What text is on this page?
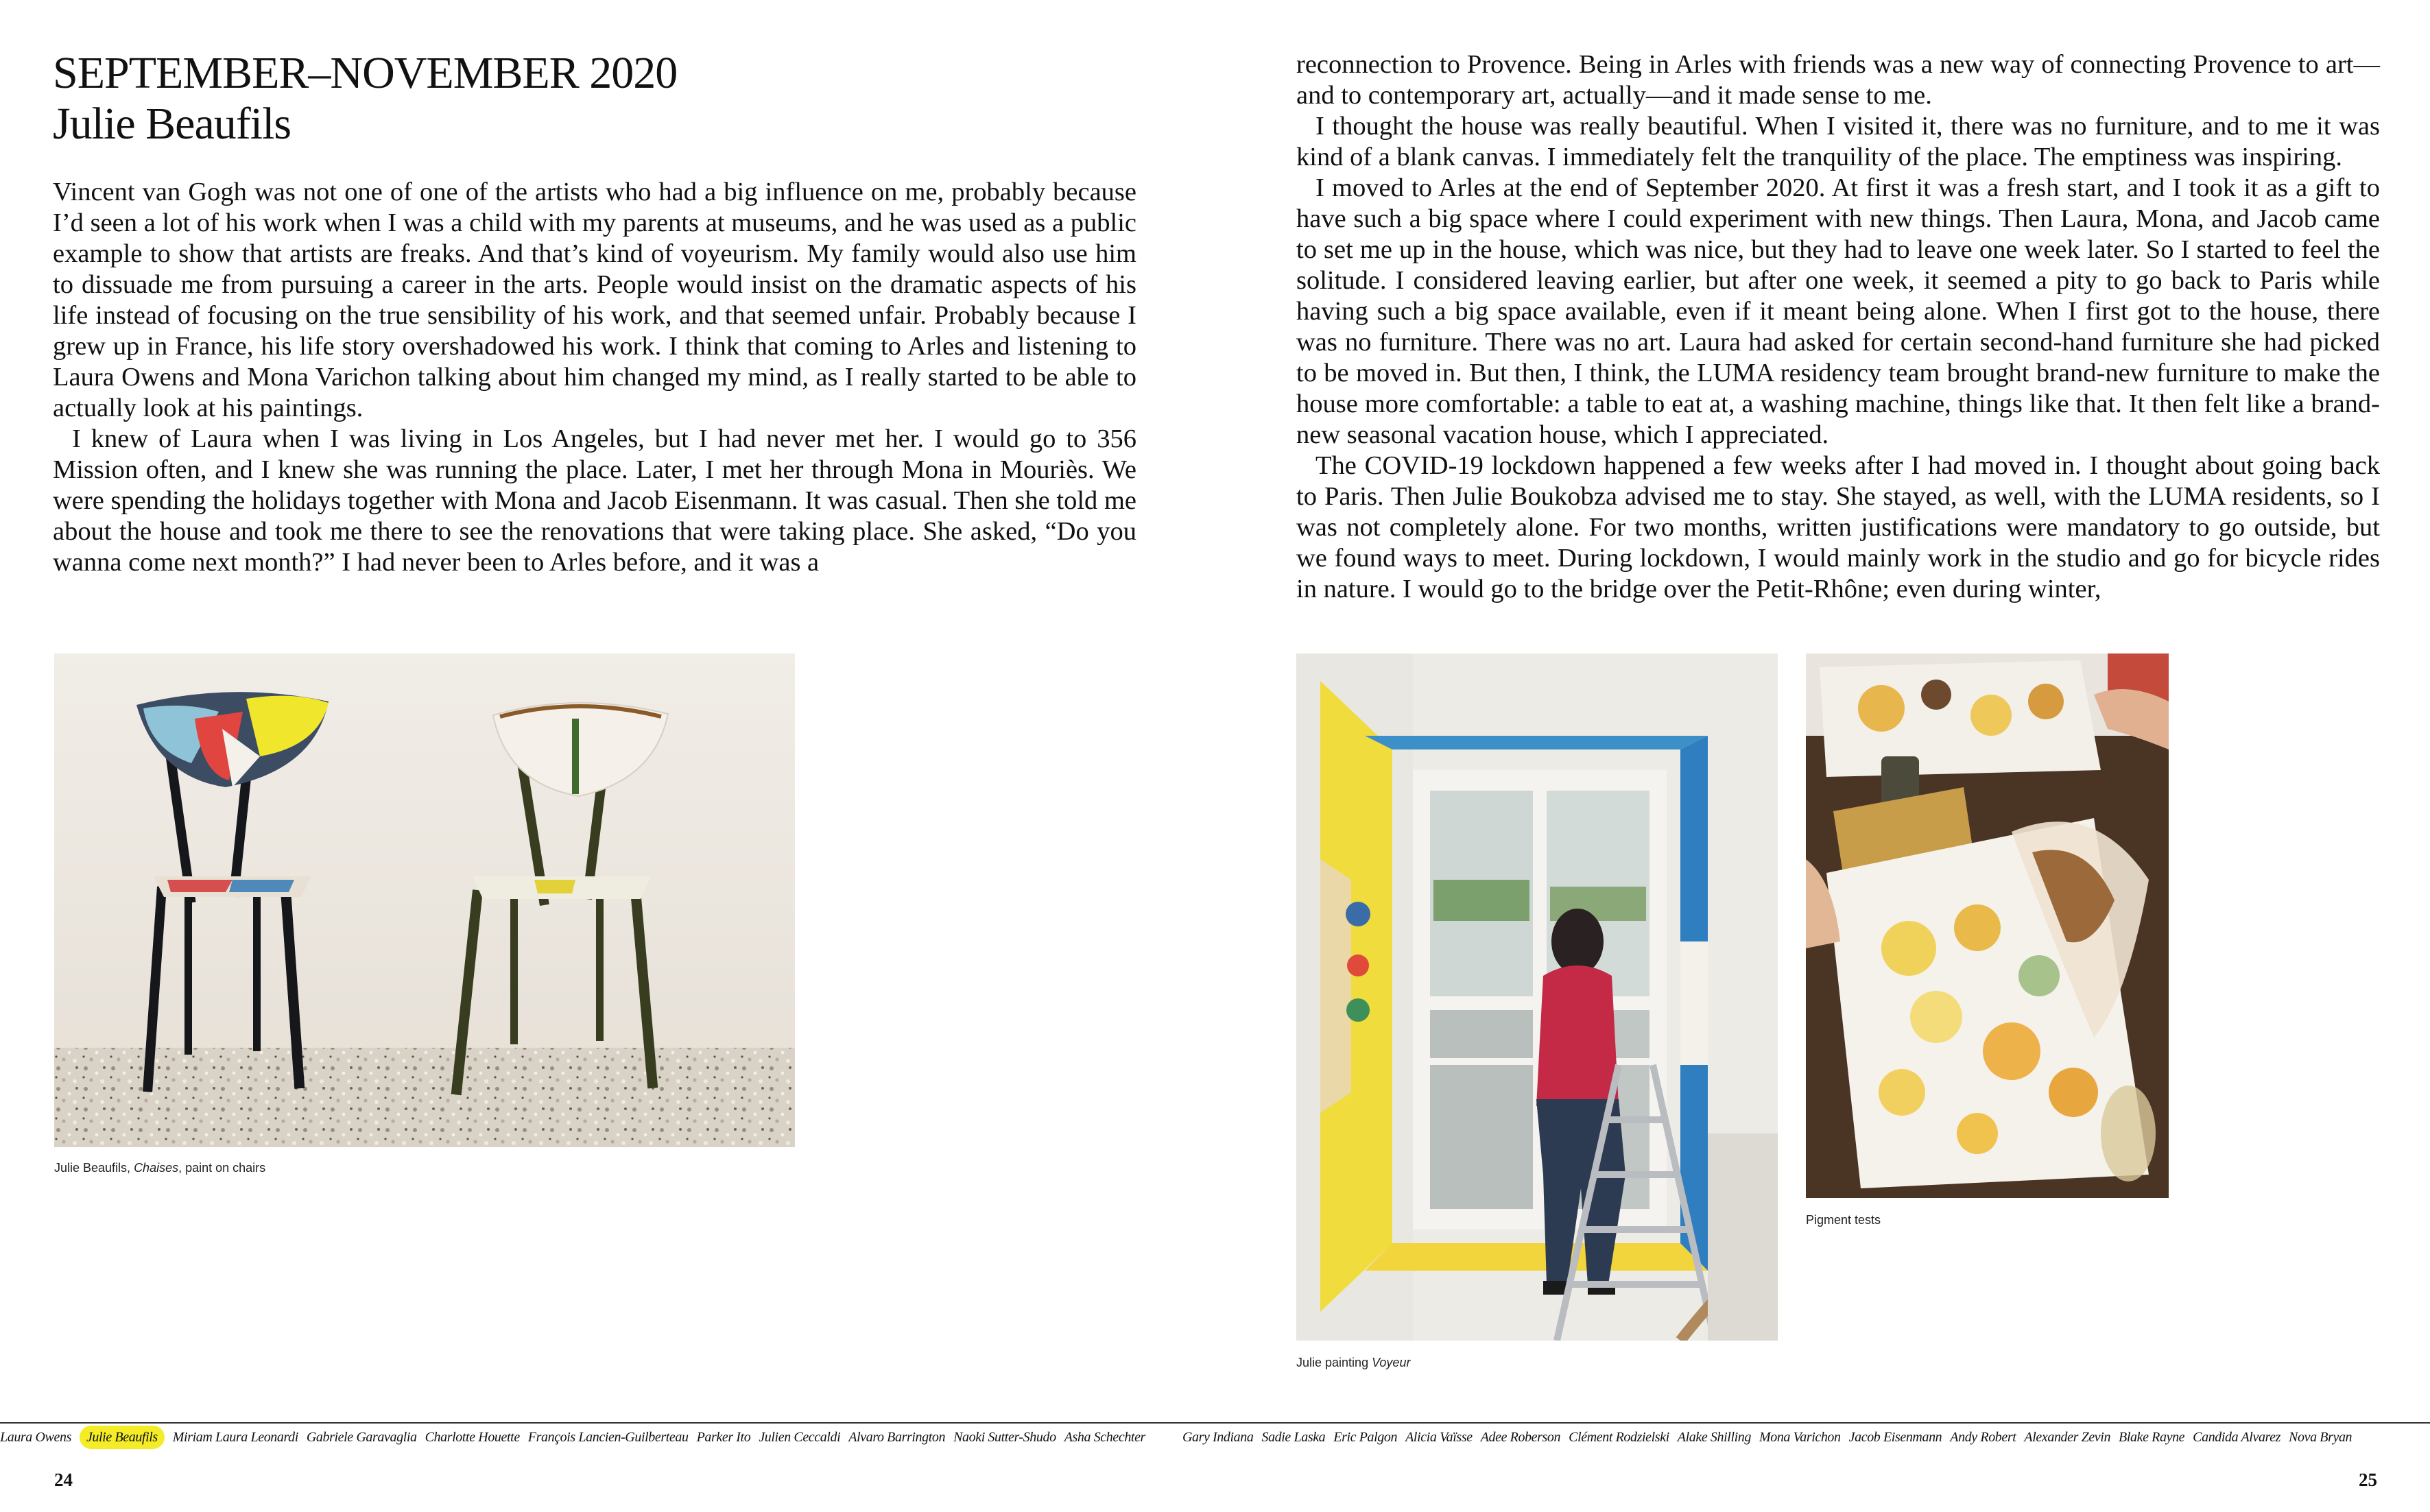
SEPTEMBER–NOVEMBER 2020
Julie Beaufils

Vincent van Gogh was not one of one of the artists who had a big influence on me, probably because I’d seen a lot of his work when I was a child with my parents at museums, and he was used as a public example to show that artists are freaks. And that’s kind of voyeurism. My family would also use him to dissuade me from pursuing a career in the arts. People would insist on the dramatic aspects of his life instead of focusing on the true sensibility of his work, and that seemed unfair. Probably because I grew up in France, his life story overshadowed his work. I think that coming to Arles and listening to Laura Owens and Mona Varichon talking about him changed my mind, as I really started to be able to actually look at his paintings.

I knew of Laura when I was living in Los Angeles, but I had never met her. I would go to 356 Mission often, and I knew she was running the place. Later, I met her through Mona in Mouriès. We were spending the holidays together with Mona and Jacob Eisenmann. It was casual. Then she told me about the house and took me there to see the renovations that were taking place. She asked, “Do you wanna come next month?” I had never been to Arles before, and it was a

Julie Beaufils, Chaises, paint on chairs
24

reconnection to Provence. Being in Arles with friends was a new way of connecting Provence to art—and to contemporary art, actually—and it made sense to me.

I thought the house was really beautiful. When I visited it, there was no furniture, and to me it was kind of a blank canvas. I immediately felt the tranquility of the place. The emptiness was inspiring.

I moved to Arles at the end of September 2020. At first it was a fresh start, and I took it as a gift to have such a big space where I could experiment with new things. Then Laura, Mona, and Jacob came to set me up in the house, which was nice, but they had to leave one week later. So I started to feel the solitude. I considered leaving earlier, but after one week, it seemed a pity to go back to Paris while having such a big space available, even if it meant being alone. When I first got to the house, there was no furniture. There was no art. Laura had asked for certain second-hand furniture she had picked to be moved in. But then, I think, the LUMA residency team brought brand-new furniture to make the house more comfortable: a table to eat at, a washing machine, things like that. It then felt like a brand-new seasonal vacation house, which I appreciated.

The COVID-19 lockdown happened a few weeks after I had moved in. I thought about going back to Paris. Then Julie Boukobza advised me to stay. She stayed, as well, with the LUMA residents, so I was not completely alone. For two months, written justifications were mandatory to go outside, but we found ways to meet. During lockdown, I would mainly work in the studio and go for bicycle rides in nature. I would go to the bridge over the Petit-Rhône; even during winter,

Julie painting Voyeur
Pigment tests
25
Laura Owens Julie Beaufils Miriam Laura Leonardi Gabriele Garavaglia Charlotte Houette François Lancien-Guilberteau Parker Ito Julien Ceccaldi Alvaro Barrington Naoki Sutter-Shudo Asha Schechter	Gary Indiana Sadie Laska Eric Palgon Alicia Vaïsse Adee Roberson Clément Rodzielski Alake Shilling Mona Varichon Jacob Eisenmann Andy Robert Alexander Zevin Blake Rayne Candida Alvarez Nova Bryan
